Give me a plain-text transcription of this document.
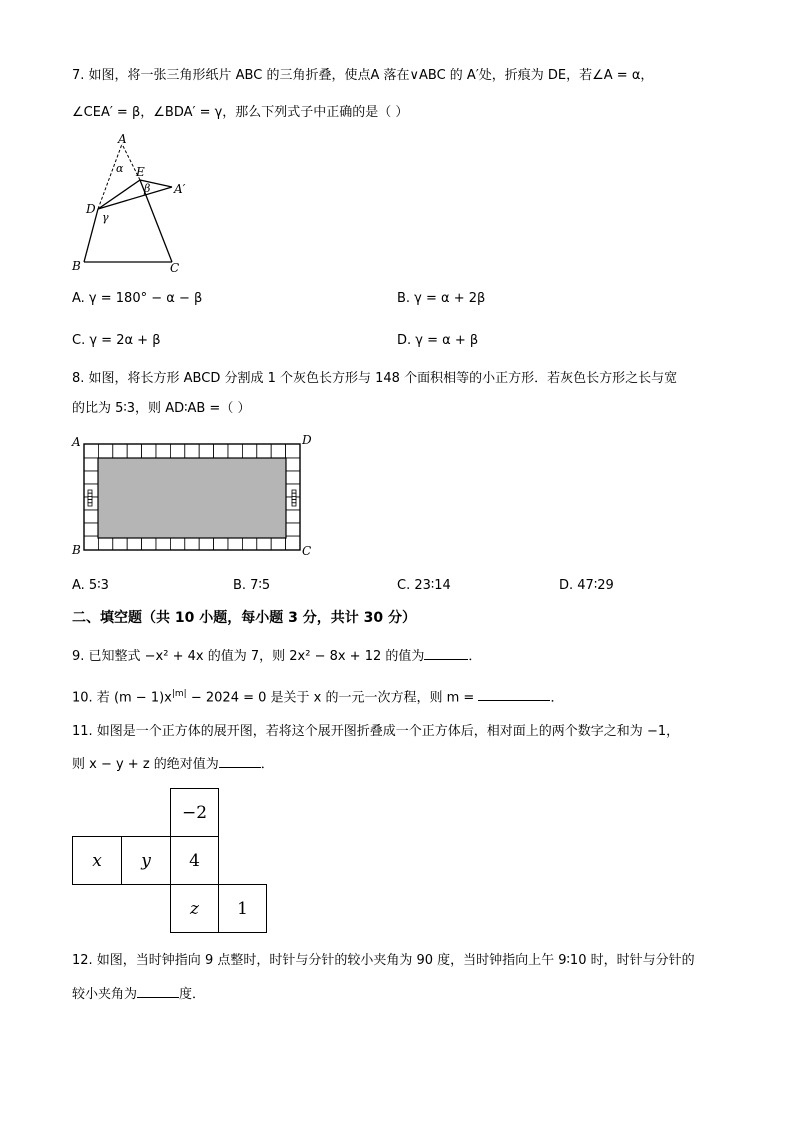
7. 如图，将一张三角形纸片 ABC 的三角折叠，使点A 落在∨ABC 的 A′处，折痕为 DE，若∠A = α，
∠CEA′ = β，∠BDA′ = γ，那么下列式子中正确的是（ ）
A
E
A′
D
B	C
α
β
γ
A. γ = 180° − α − β	B. γ = α + 2β
C. γ = 2α + β	D. γ = α + β
8. 如图，将长方形 ABCD 分割成 1 个灰色长方形与 148 个面积相等的小正方形．若灰色长方形之长与宽
的比为 5∶3，则 AD∶AB =（ ）
A	D
B	C
A. 5∶3	B. 7∶5	C. 23∶14	D. 47∶29
二、填空题（共 10 小题，每小题 3 分，共计 30 分）
9. 已知整式 −x² + 4x 的值为 7，则 2x² − 8x + 12 的值为	．
10. 若 $(m - 1)x^{|m|} - 2024 = 0$ 是关于 x 的一元一次方程，则 m =	．
11. 如图是一个正方体的展开图，若将这个展开图折叠成一个正方体后，相对面上的两个数字之和为 −1，
则 x − y + z 的绝对值为	．
−2
x	y	4
z	1
12. 如图，当时钟指向 9 点整时，时针与分针的较小夹角为 90 度，当时钟指向上午 9∶10 时，时针与分针的
较小夹角为	度．
